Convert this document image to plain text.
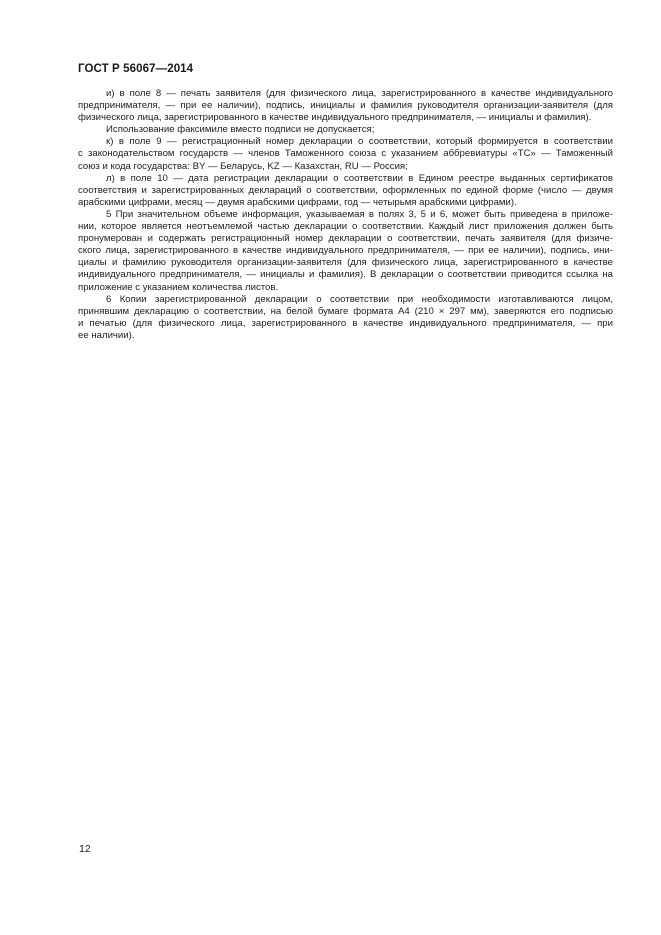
ГОСТ Р 56067—2014
и) в поле 8 — печать заявителя (для физического лица, зарегистрированного в качестве индивидуального
предпринимателя, — при ее наличии), подпись, инициалы и фамилия руководителя организации-заявителя (для
физического лица, зарегистрированного в качестве индивидуального предпринимателя, — инициалы и фамилия).
Использование факсимиле вместо подписи не допускается;
к) в поле 9 — регистрационный номер декларации о соответствии, который формируется в соответствии
с законодательством государств — членов Таможенного союза с указанием аббревиатуры «ТС» — Таможенный
союз и кода государства: BY — Беларусь, KZ — Казахстан, RU — Россия;
л) в поле 10 — дата регистрации декларации о соответствии в Едином реестре выданных сертификатов
соответствия и зарегистрированных деклараций о соответствии, оформленных по единой форме (число — двумя
арабскими цифрами, месяц — двумя арабскими цифрами, год — четырьмя арабскими цифрами).
5 При значительном объеме информация, указываемая в полях 3, 5 и 6, может быть приведена в приложе-
нии, которое является неотъемлемой частью декларации о соответствии. Каждый лист приложения должен быть
пронумерован и содержать регистрационный номер декларации о соответствии, печать заявителя (для физиче-
ского лица, зарегистрированного в качестве индивидуального предпринимателя, — при ее наличии), подпись, ини-
циалы и фамилию руководителя организации-заявителя (для физического лица, зарегистрированного в качестве
индивидуального предпринимателя, — инициалы и фамилия). В декларации о соответствии приводится ссылка на
приложение с указанием количества листов.
6 Копии зарегистрированной декларации о соответствии при необходимости изготавливаются лицом,
принявшим декларацию о соответствии, на белой бумаге формата А4 (210 × 297 мм), заверяются его подписью
и печатью (для физического лица, зарегистрированного в качестве индивидуального предпринимателя, — при
ее наличии).
12
